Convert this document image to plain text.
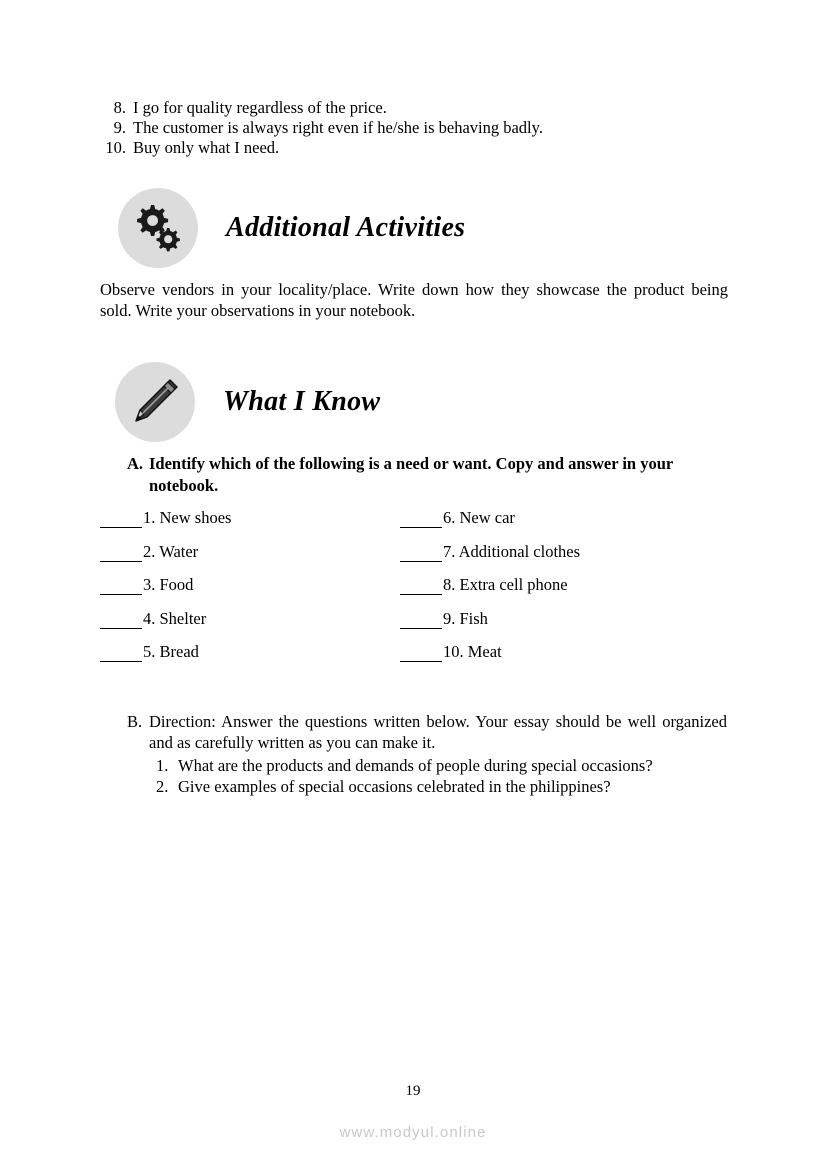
8. I go for quality regardless of the price.
9. The customer is always right even if he/she is behaving badly.
10. Buy only what I need.
Additional Activities
Observe vendors in your locality/place. Write down how they showcase the product being sold. Write your observations in your notebook.
What I Know
A. Identify which of the following is a need or want. Copy and answer in your notebook.
1. New shoes	6. New car
2. Water	7. Additional clothes
3. Food	8. Extra cell phone
4. Shelter	9. Fish
5. Bread	10. Meat
B. Direction: Answer the questions written below. Your essay should be well organized and as carefully written as you can make it.
1. What are the products and demands of people during special occasions?
2. Give examples of special occasions celebrated in the philippines?
19
www.modyul.online
